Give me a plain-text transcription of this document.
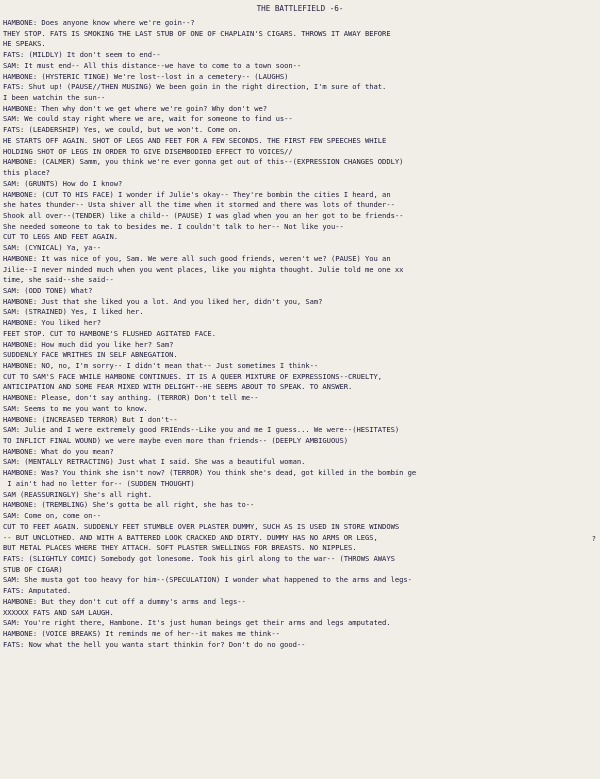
THE BATTLEFIELD -6-
HAMBONE: Does anyone know where we're goin--?
THEY STOP. FATS IS SMOKING THE LAST STUB OF ONE OF CHAPLAIN'S CIGARS. THROWS IT AWAY BEFORE
HE SPEAKS.
FATS: (MILDLY) It don't seem to end--
SAM: It must end-- All this distance--we have to come to a town soon--
HAMBONE: (HYSTERIC TINGE) We're lost--lost in a cemetery-- (LAUGHS)
FATS: Shut up! (PAUSE//THEN MUSING) We been goin in the right direction, I'm sure of that.
I been watchin the sun--
HAMBONE: Then why don't we get where we're goin? Why don't we?
SAM: We could stay right where we are, wait for someone to find us--
FATS: (LEADERSHIP) Yes, we could, but we won't. Come on.
HE STARTS OFF AGAIN. SHOT OF LEGS AND FEET FOR A FEW SECONDS. THE FIRST FEW SPEECHES WHILE
HOLDING SHOT OF LEGS IN ORDER TO GIVE DISEMBODIED EFFECT TO VOICES//
HAMBONE: (CALMER) Samm, you think we're ever gonna get out of this--(EXPRESSION CHANGES ODDLY)
this place?
SAM: (GRUNTS) How do I know?
HAMBONE: (CUT TO HIS FACE) I wonder if Julie's okay-- They're bombin the cities I heard, an
she hates thunder-- Usta shiver all the time when it stormed and there was lots of thunder--
Shook all over--(TENDER) like a child-- (PAUSE) I was glad when you an her got to be friends--
She needed someone to tak to besides me. I couldn't talk to her-- Not like you--
CUT TO LEGS AND FEET AGAIN.
SAM: (CYNICAL) Ya, ya--
HAMBONE: It was nice of you, Sam. We were all such good friends, weren't we? (PAUSE) You an
Jilie--I never minded much when you went places, like you mighta thought. Julie told me one xx
time, she said--she said--
SAM: (ODD TONE) What?
HAMBONE: Just that she liked you a lot. And you liked her, didn't you, Sam?
SAM: (STRAINED) Yes, I liked her.
HAMBONE: You liked her?
FEET STOP. CUT TO HAMBONE'S FLUSHED AGITATED FACE.
HAMBONE: How much did you like her? Sam?
SUDDENLY FACE WRITHES IN SELF ABNEGATION.
HAMBONE: NO, no, I'm sorry-- I didn't mean that-- Just sometimes I think--
CUT TO SAM'S FACE WHILE HAMBONE CONTINUES. IT IS A QUEER MIXTURE OF EXPRESSIONS--CRUELTY,
ANTICIPATION AND SOME FEAR MIXED WITH DELIGHT--HE SEEMS ABOUT TO SPEAK. TO ANSWER.
HAMBONE: Please, don't say anthing. (TERROR) Don't tell me--
SAM: Seems to me you want to know.
HAMBONE: (INCREASED TERROR) But I don't--
SAM: Julie and I were extremely good FRIEnds--Like you and me I guess... We were--(HESITATES)
TO INFLICT FINAL WOUND) we were maybe even more than friends-- (DEEPLY AMBIGUOUS)
HAMBONE: What do you mean?
SAM: (MENTALLY RETRACTING) Just what I said. She was a beautiful woman.
HAMBONE: Was? You think she isn't now? (TERROR) You think she's dead, got killed in the bombin ge
I ain't had no letter for-- (SUDDEN THOUGHT)
SAM (REASSURINGLY) She's all right.
HAMBONE: (TREMBLING) She's gotta be all right, she has to--
SAM: Come on, come on--
CUT TO FEET AGAIN. SUDDENLY FEET STUMBLE OVER PLASTER DUMMY, SUCH AS IS USED IN STORE WINDOWS
-- BUT UNCLOTHED. AND WITH A BATTERED LOOK CRACKED AND DIRTY. DUMMY HAS NO ARMS OR LEGS,
BUT METAL PLACES WHERE THEY ATTACH. SOFT PLASTER SWELLINGS FOR BREASTS. NO NIPPLES.
FATS: (SLIGHTLY COMIC) Somebody got lonesome. Took his girl along to the war-- (THROWS AWAYS
STUB OF CIGAR)
SAM: She musta got too heavy for him--(SPECULATION) I wonder what happened to the arms and legs-
FATS: Amputated.
HAMBONE: But they don't cut off a dummy's arms and legs--
XXXXXX FATS AND SAM LAUGH.
SAM: You're right there, Hambone. It's just human beings get their arms and legs amputated.
HAMBONE: (VOICE BREAKS) It reminds me of her--it makes me think--
FATS: Now what the hell you wanta start thinkin for? Don't do no good--
?
